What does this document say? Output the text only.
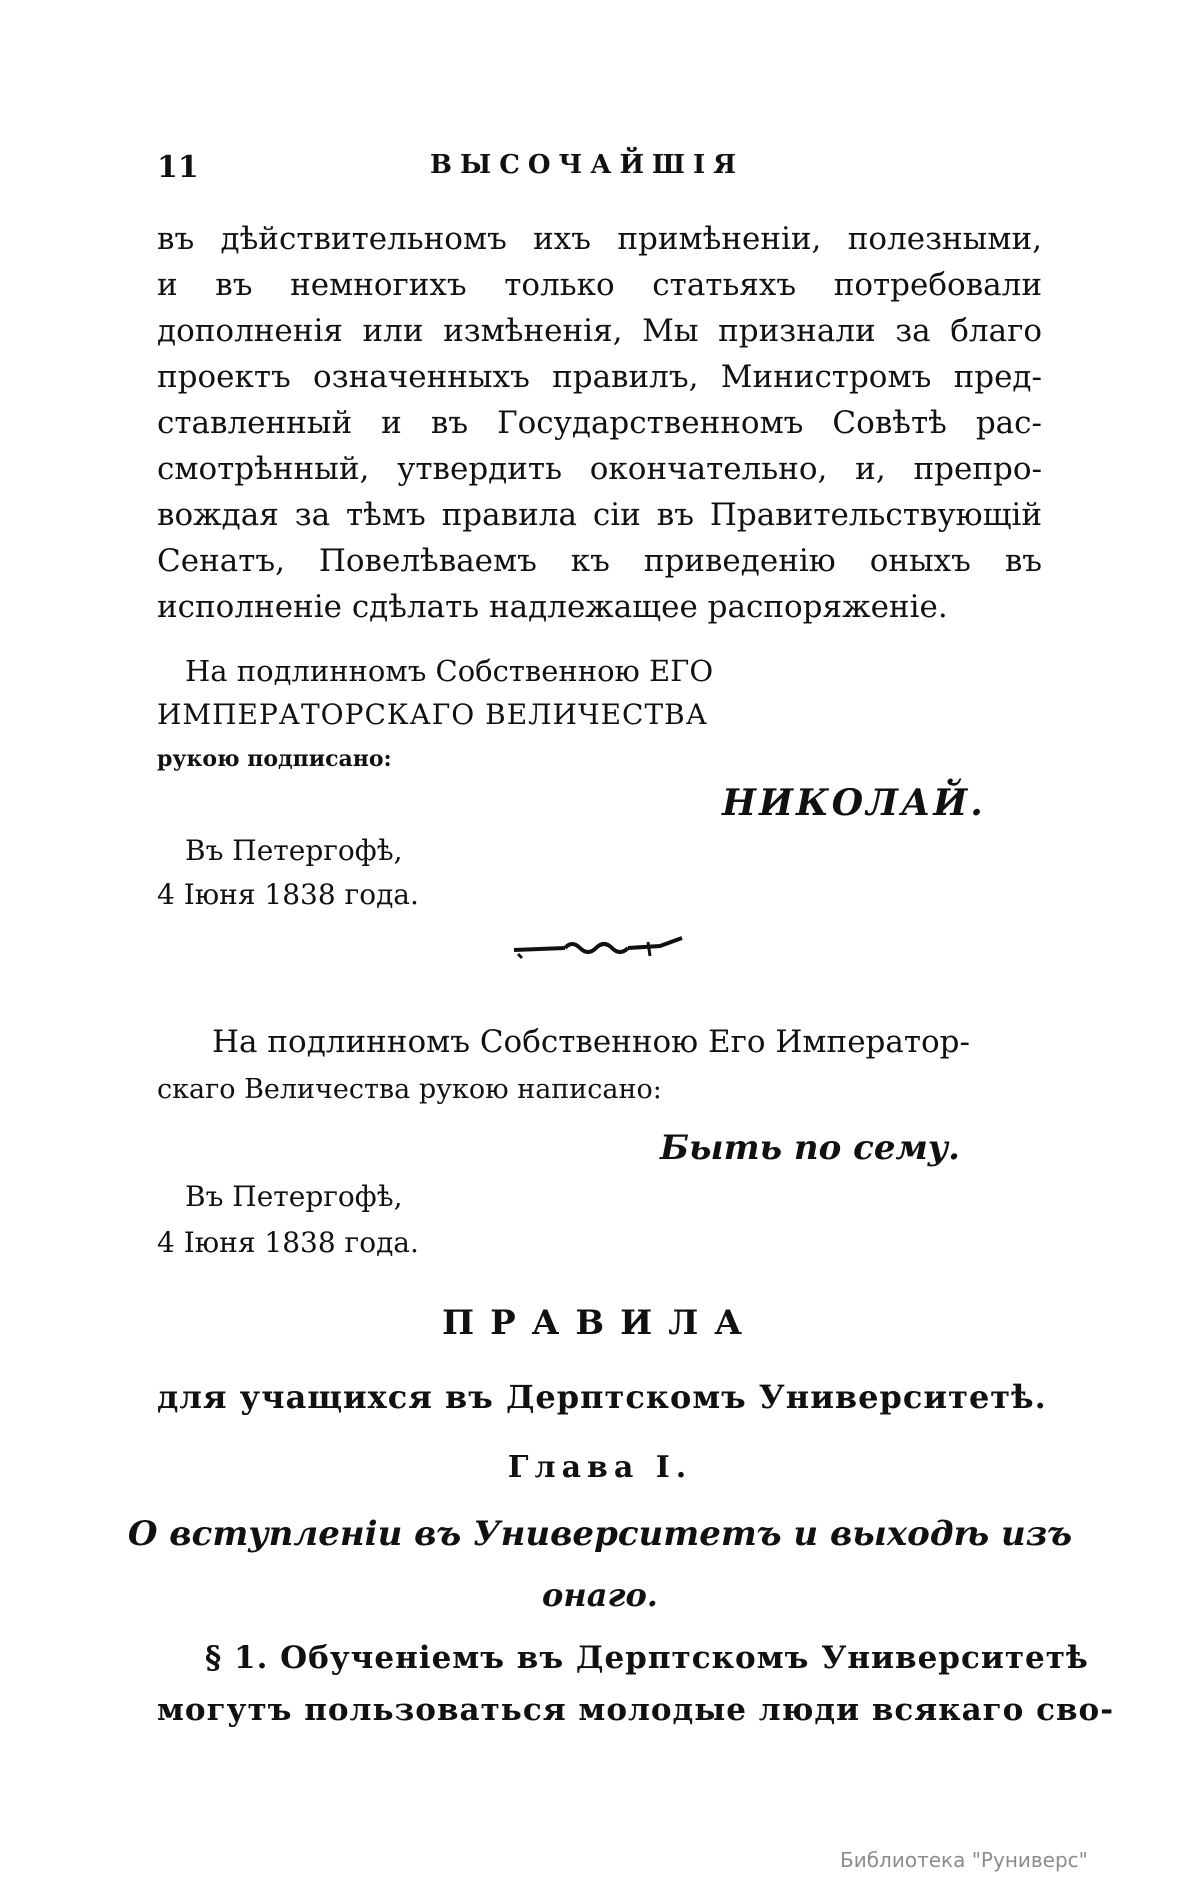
11	ВЫСОЧАЙШІЯ
въ дѣйствительномъ ихъ примѣненіи, полезными,
и въ немногихъ только статьяхъ потребовали
дополненія или измѣненія, Мы признали за благо
проектъ означенныхъ правилъ, Министромъ пред-
ставленный и въ Государственномъ Совѣтѣ рас-
смотрѣнный, утвердить окончательно, и, препро-
вождая за тѣмъ правила сіи въ Правительствующій
Сенатъ, Повелѣваемъ къ приведенію оныхъ въ
исполненіе сдѣлать надлежащее распоряженіе.
На подлинномъ Собственною ЕГО
ИМПЕРАТОРСКАГО ВЕЛИЧЕСТВА
рукою подписано:
НИКОЛАЙ.
Въ Петергофѣ,
4 Іюня 1838 года.
На подлинномъ Собственною Его Император-
скаго Величества рукою написано:
Быть по сему.
Въ Петергофѣ,
4 Іюня 1838 года.
ПРАВИЛА
для учащихся въ Дерптскомъ Университетѣ.
Глава I.
О вступленіи въ Университетъ и выходѣ изъ
онаго.
§ 1. Обученіемъ въ Дерптскомъ Университетѣ
могутъ пользоваться молодые люди всякаго сво-
Библиотека "Руниверс"
